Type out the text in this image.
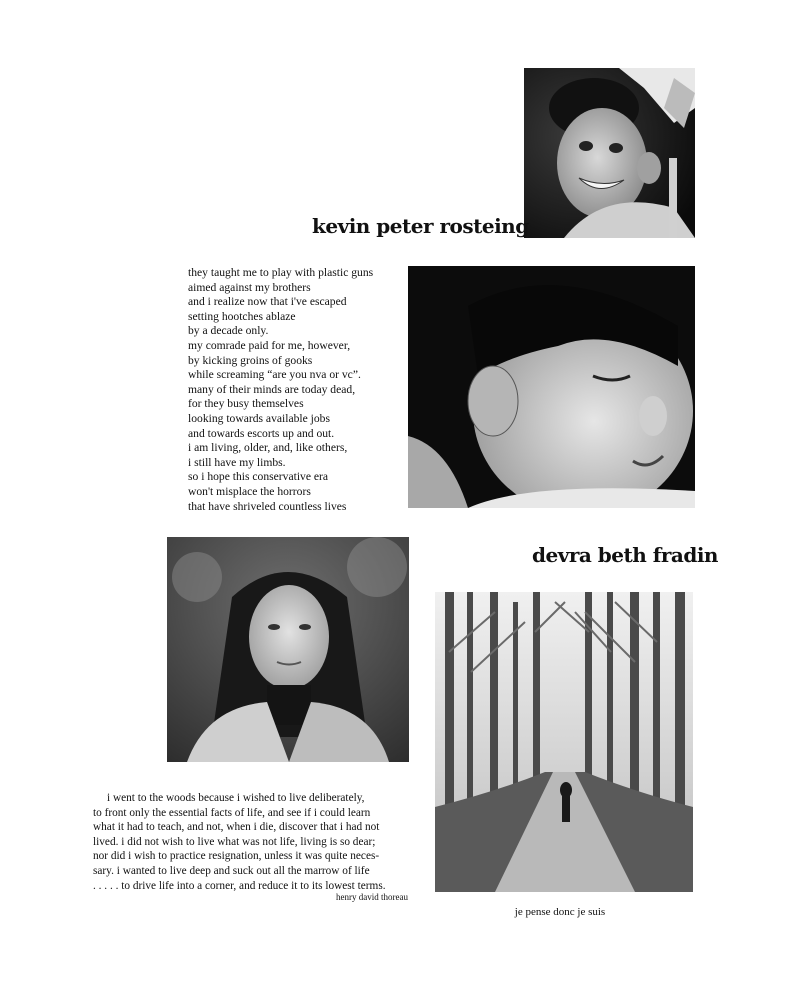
kevin peter rosteing
they taught me to play with plastic guns
aimed against my brothers
and i realize now that i've escaped
setting hootches ablaze
by a decade only.
my comrade paid for me, however,
by kicking groins of gooks
while screaming “are you nva or vc”.
many of their minds are today dead,
for they busy themselves
looking towards available jobs
and towards escorts up and out.
i am living, older, and, like others,
i still have my limbs.
so i hope this conservative era
won't misplace the horrors
that have shriveled countless lives
devra beth fradin
i went to the woods because i wished to live deliberately,
to front only the essential facts of life, and see if i could learn
what it had to teach, and not, when i die, discover that i had not
lived. i did not wish to live what was not life, living is so dear;
nor did i wish to practice resignation, unless it was quite neces-
sary. i wanted to live deep and suck out all the marrow of life
. . . . . to drive life into a corner, and reduce it to its lowest terms.
henry david thoreau
je pense donc je suis
